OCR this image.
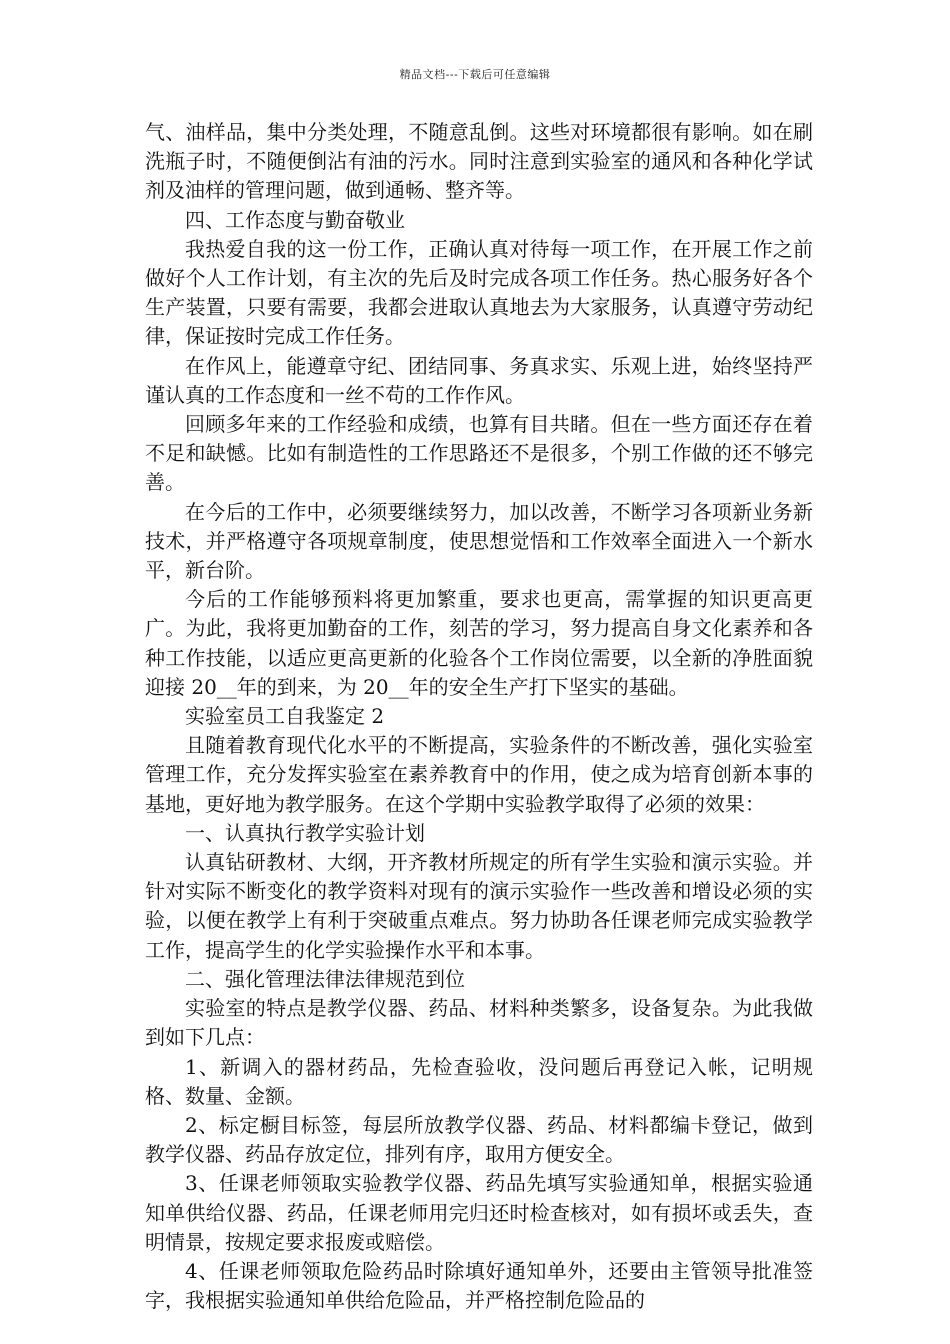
精品文档---下载后可任意编辑

气、油样品，集中分类处理，不随意乱倒。这些对环境都很有影响。如在刷洗瓶子时，不随便倒沾有油的污水。同时注意到实验室的通风和各种化学试剂及油样的管理问题，做到通畅、整齐等。

四、工作态度与勤奋敬业

我热爱自我的这一份工作，正确认真对待每一项工作，在开展工作之前做好个人工作计划，有主次的先后及时完成各项工作任务。热心服务好各个生产装置，只要有需要，我都会进取认真地去为大家服务，认真遵守劳动纪律，保证按时完成工作任务。

在作风上，能遵章守纪、团结同事、务真求实、乐观上进，始终坚持严谨认真的工作态度和一丝不苟的工作作风。

回顾多年来的工作经验和成绩，也算有目共睹。但在一些方面还存在着不足和缺憾。比如有制造性的工作思路还不是很多，个别工作做的还不够完善。

在今后的工作中，必须要继续努力，加以改善，不断学习各项新业务新技术，并严格遵守各项规章制度，使思想觉悟和工作效率全面进入一个新水平，新台阶。

今后的工作能够预料将更加繁重，要求也更高，需掌握的知识更高更广。为此，我将更加勤奋的工作，刻苦的学习，努力提高自身文化素养和各种工作技能，以适应更高更新的化验各个工作岗位需要，以全新的净胜面貌迎接 20__年的到来，为 20__年的安全生产打下坚实的基础。

实验室员工自我鉴定 2

且随着教育现代化水平的不断提高，实验条件的不断改善，强化实验室管理工作，充分发挥实验室在素养教育中的作用，使之成为培育创新本事的基地，更好地为教学服务。在这个学期中实验教学取得了必须的效果：

一、认真执行教学实验计划

认真钻研教材、大纲，开齐教材所规定的所有学生实验和演示实验。并针对实际不断变化的教学资料对现有的演示实验作一些改善和增设必须的实验，以便在教学上有利于突破重点难点。努力协助各任课老师完成实验教学工作，提高学生的化学实验操作水平和本事。

二、强化管理法律法律规范到位

实验室的特点是教学仪器、药品、材料种类繁多，设备复杂。为此我做到如下几点：

1、新调入的器材药品，先检查验收，没问题后再登记入帐，记明规格、数量、金额。

2、标定橱目标签，每层所放教学仪器、药品、材料都编卡登记，做到教学仪器、药品存放定位，排列有序，取用方便安全。

3、任课老师领取实验教学仪器、药品先填写实验通知单，根据实验通知单供给仪器、药品，任课老师用完归还时检查核对，如有损坏或丢失，查明情景，按规定要求报废或赔偿。

4、任课老师领取危险药品时除填好通知单外，还要由主管领导批准签字，我根据实验通知单供给危险品，并严格控制危险品的
